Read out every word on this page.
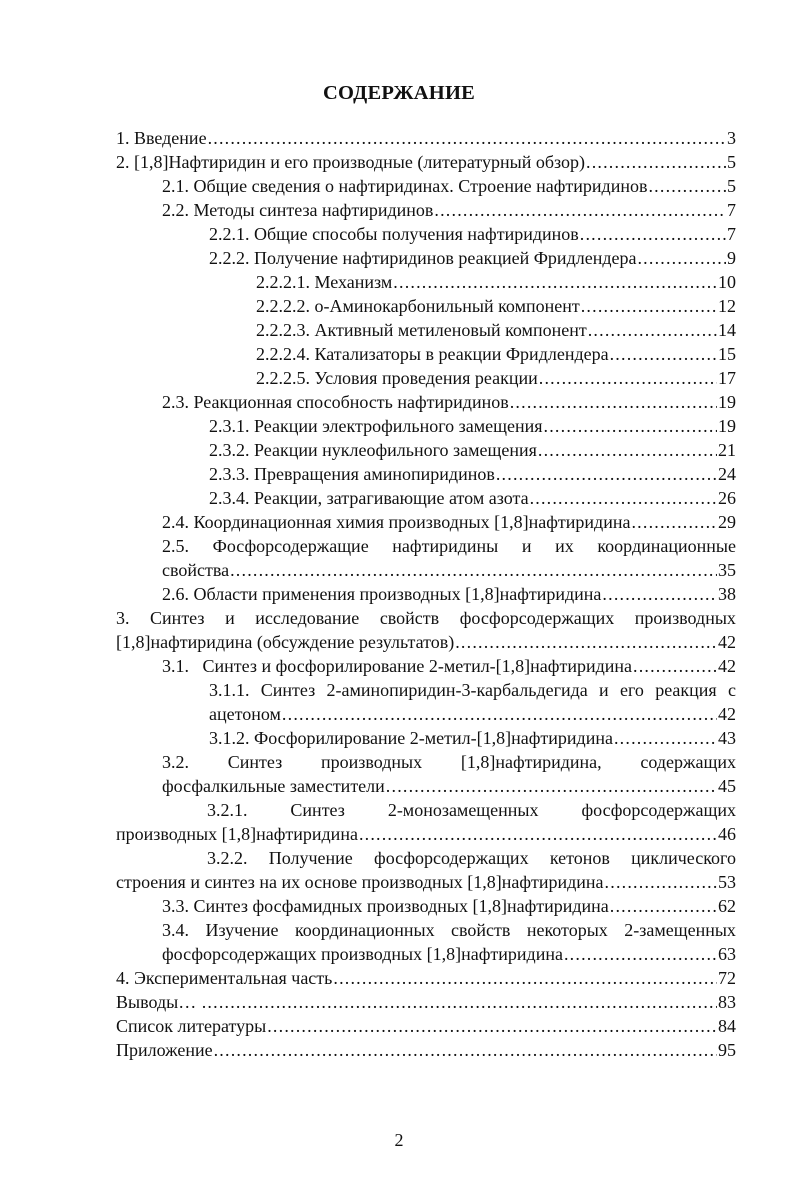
СОДЕРЖАНИЕ
1. Введение .....	3
2. [1,8]Нафтиридин и его производные (литературный обзор) .....	5
2.1. Общие сведения о нафтиридинах. Строение нафтиридинов .....	5
2.2. Методы синтеза нафтиридинов .....	7
2.2.1. Общие способы получения нафтиридинов .....	7
2.2.2. Получение нафтиридинов реакцией Фридлендера .....	9
2.2.2.1. Механизм .....	10
2.2.2.2. о-Аминокарбонильный компонент .....	12
2.2.2.3. Активный метиленовый компонент .....	14
2.2.2.4. Катализаторы в реакции Фридлендера .....	15
2.2.2.5. Условия проведения реакции .....	17
2.3. Реакционная способность нафтиридинов .....	19
2.3.1. Реакции электрофильного замещения .....	19
2.3.2. Реакции нуклеофильного замещения .....	21
2.3.3. Превращения аминопиридинов .....	24
2.3.4. Реакции, затрагивающие атом азота .....	26
2.4. Координационная химия производных [1,8]нафтиридина .....	29
2.5. Фосфорсодержащие нафтиридины и их координационные
свойства .....	35
2.6. Области применения производных [1,8]нафтиридина .....	38
3. Синтез и исследование свойств фосфорсодержащих производных
[1,8]нафтиридина (обсуждение результатов) .....	42
3.1.   Синтез и фосфорилирование 2-метил-[1,8]нафтиридина .....	42
3.1.1. Синтез 2-аминопиридин-3-карбальдегида и его реакция с
ацетоном .....	42
3.1.2. Фосфорилирование 2-метил-[1,8]нафтиридина .....	43
3.2. Синтез производных [1,8]нафтиридина, содержащих
фосфалкильные заместители .....	45
3.2.1. Синтез 2-монозамещенных фосфорсодержащих
производных [1,8]нафтиридина .....	46
3.2.2. Получение фосфорсодержащих кетонов циклического
строения и синтез на их основе производных [1,8]нафтиридина .....	53
3.3. Синтез фосфамидных производных [1,8]нафтиридина .....	62
3.4. Изучение координационных свойств некоторых 2-замещенных
фосфорсодержащих производных [1,8]нафтиридина .....	63
4. Экспериментальная часть .....	72
Выводы… .....	83
Список литературы .....	84
Приложение .....	95
2
